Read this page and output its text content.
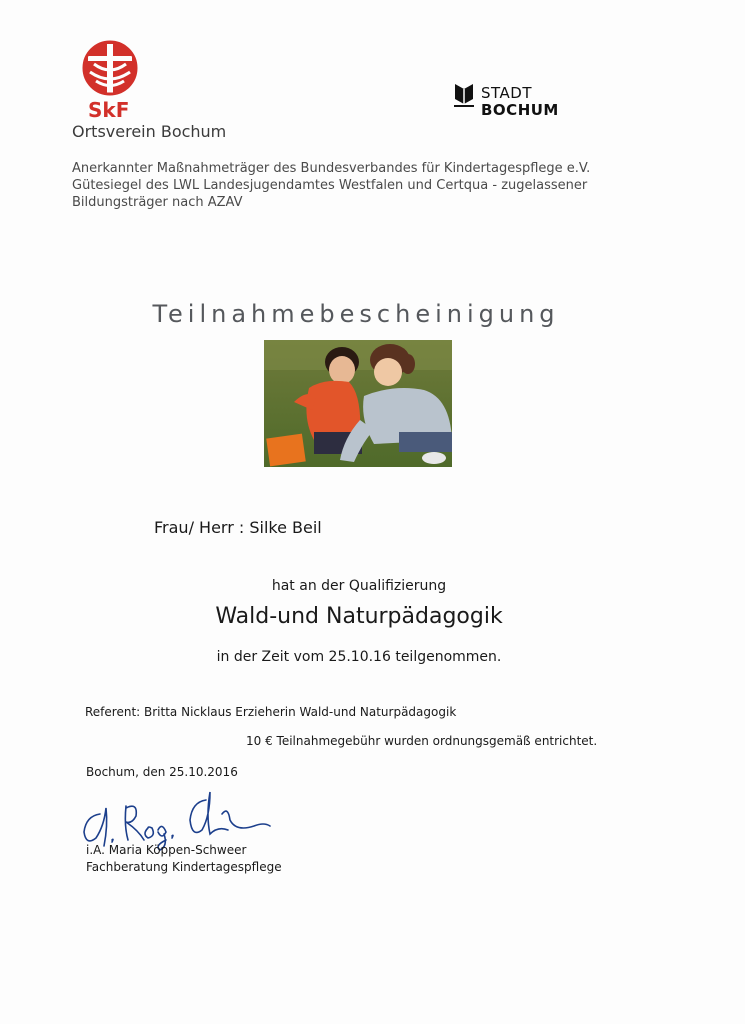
SkF
Ortsverein Bochum
STADT
BOCHUM
Anerkannter Maßnahmeträger des Bundesverbandes für Kindertagespflege e.V.
Gütesiegel des LWL Landesjugendamtes Westfalen und Certqua - zugelassener
Bildungsträger nach AZAV
Teilnahmebescheinigung
Frau/ Herr : Silke Beil
hat an der Qualifizierung
Wald-und Naturpädagogik
in der Zeit vom 25.10.16 teilgenommen.
Referent: Britta Nicklaus Erzieherin Wald-und Naturpädagogik
10 € Teilnahmegebühr wurden ordnungsgemäß entrichtet.
Bochum, den 25.10.2016
i.A. Maria Köppen-Schweer
Fachberatung Kindertagespflege
